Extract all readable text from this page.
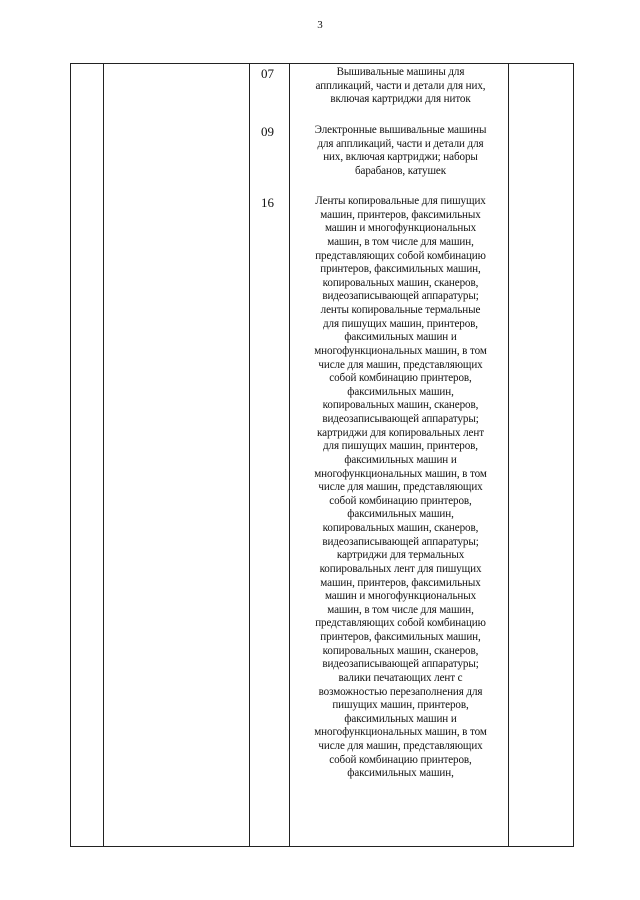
3
07	Вышивальные машины для
аппликаций, части и детали для них,
включая картриджи для ниток
09	Электронные вышивальные машины
для аппликаций, части и детали для
них, включая картриджи; наборы
барабанов, катушек
16	Ленты копировальные для пишущих
машин, принтеров, факсимильных
машин и многофункциональных
машин, в том числе для машин,
представляющих собой комбинацию
принтеров, факсимильных машин,
копировальных машин, сканеров,
видеозаписывающей аппаратуры;
ленты копировальные термальные
для пишущих машин, принтеров,
факсимильных машин и
многофункциональных машин, в том
числе для машин, представляющих
собой комбинацию принтеров,
факсимильных машин,
копировальных машин, сканеров,
видеозаписывающей аппаратуры;
картриджи для копировальных лент
для пишущих машин, принтеров,
факсимильных машин и
многофункциональных машин, в том
числе для машин, представляющих
собой комбинацию принтеров,
факсимильных машин,
копировальных машин, сканеров,
видеозаписывающей аппаратуры;
картриджи для термальных
копировальных лент для пишущих
машин, принтеров, факсимильных
машин и многофункциональных
машин, в том числе для машин,
представляющих собой комбинацию
принтеров, факсимильных машин,
копировальных машин, сканеров,
видеозаписывающей аппаратуры;
валики печатающих лент с
возможностью перезаполнения для
пишущих машин, принтеров,
факсимильных машин и
многофункциональных машин, в том
числе для машин, представляющих
собой комбинацию принтеров,
факсимильных машин,
